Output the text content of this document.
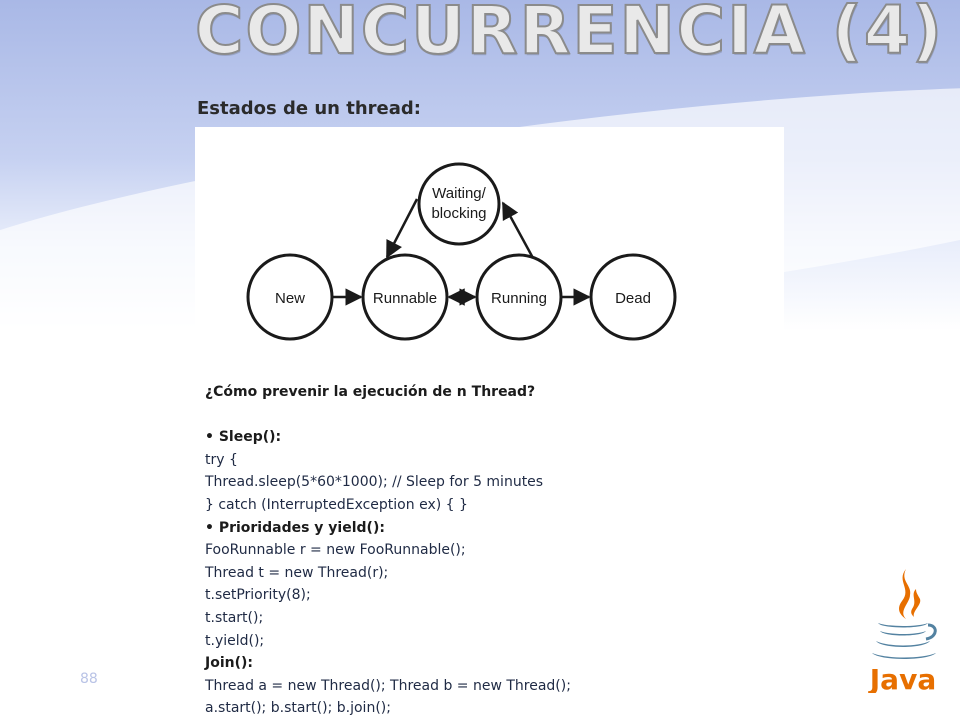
CONCURRENCIA (4)
Estados de un thread:
New	Runnable	Running	Dead
Waiting/
blocking
¿Cómo prevenir la ejecución de n Thread?
• Sleep():
try {
Thread.sleep(5*60*1000); // Sleep for 5 minutes
} catch (InterruptedException ex) { }
• Prioridades y yield():
FooRunnable r = new FooRunnable();
Thread t = new Thread(r);
t.setPriority(8);
t.start();
t.yield();
Join():
Thread a = new Thread(); Thread b = new Thread();
a.start(); b.start(); b.join();
88	Java
